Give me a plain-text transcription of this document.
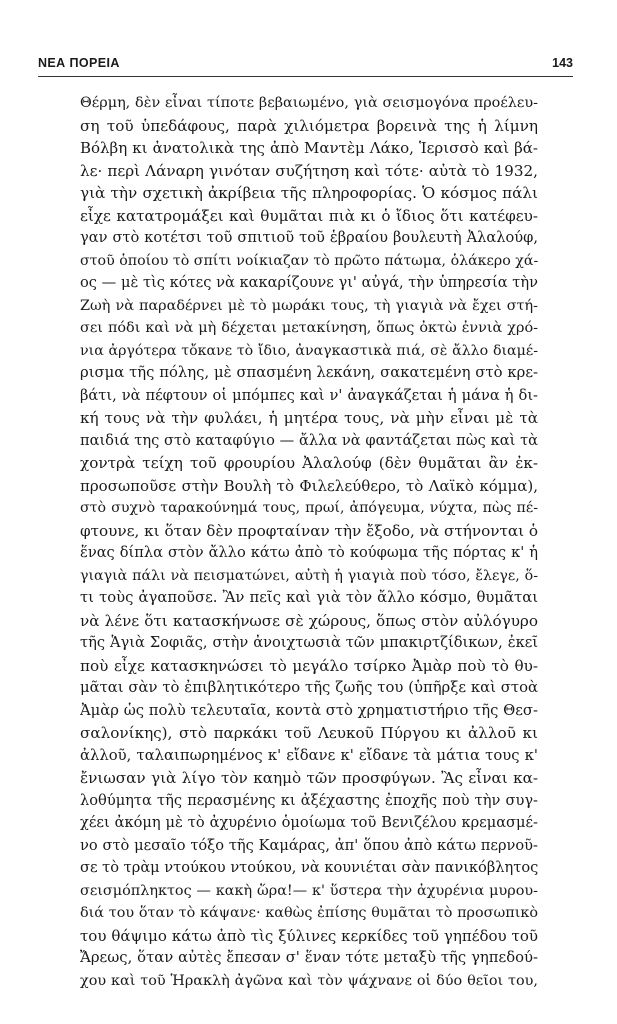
ΝΕΑ ΠΟΡΕΙΑ	143
Θέρμη, δὲν εἶναι τίποτε βεβαιωμένο, γιὰ σεισμογόνα προέλευ-
ση τοῦ ὑπεδάφους, παρὰ χιλιόμετρα βορεινὰ της ἡ λίμνη
Βόλβη κι ἀνατολικὰ της ἀπὸ Μαντὲμ Λάκο, Ἱερισσὸ καὶ βά-
λε· περὶ Λάναρη γινόταν συζήτηση καὶ τότε· αὐτὰ τὸ 1932,
γιὰ τὴν σχετικὴ ἀκρίβεια τῆς πληροφορίας. Ὁ κόσμος πάλι
εἶχε κατατρομάξει καὶ θυμᾶται πιὰ κι ὁ ἴδιος ὅτι κατέφευ-
γαν στὸ κοτέτσι τοῦ σπιτιοῦ τοῦ ἑβραίου βουλευτὴ Ἀλαλούφ,
στοῦ ὁποίου τὸ σπίτι νοίκιαζαν τὸ πρῶτο πάτωμα, ὁλάκερο χά-
ος — μὲ τὶς κότες νὰ κακαρίζουνε γι' αὐγά, τὴν ὑπηρεσία τὴν
Ζωὴ νὰ παραδέρνει μὲ τὸ μωράκι τους, τὴ γιαγιὰ νὰ ἔχει στή-
σει πόδι καὶ νὰ μὴ δέχεται μετακίνηση, ὅπως ὀκτὼ ἐννιὰ χρό-
νια ἀργότερα τὄκανε τὸ ἴδιο, ἀναγκαστικὰ πιά, σὲ ἄλλο διαμέ-
ρισμα τῆς πόλης, μὲ σπασμένη λεκάνη, σακατεμένη στὸ κρε-
βάτι, νὰ πέφτουν οἱ μπόμπες καὶ ν' ἀναγκάζεται ἡ μάνα ἡ δι-
κή τους νὰ τὴν φυλάει, ἡ μητέρα τους, νὰ μὴν εἶναι μὲ τὰ
παιδιά της στὸ καταφύγιο — ἄλλα νὰ φαντάζεται πὼς καὶ τὰ
χοντρὰ τείχη τοῦ φρουρίου Ἀλαλούφ (δὲν θυμᾶται ἂν ἐκ-
προσωποῦσε στὴν Βουλὴ τὸ Φιλελεύθερο, τὸ Λαϊκὸ κόμμα),
στὸ συχνὸ ταρακούνημά τους, πρωί, ἀπόγευμα, νύχτα, πὼς πέ-
φτουνε, κι ὅταν δὲν προφταίναν τὴν ἔξοδο, νὰ στήνονται ὁ
ἕνας δίπλα στὸν ἄλλο κάτω ἀπὸ τὸ κούφωμα τῆς πόρτας κ' ἡ
γιαγιὰ πάλι νὰ πεισματώνει, αὐτὴ ἡ γιαγιὰ ποὺ τόσο, ἔλεγε, ὅ-
τι τοὺς ἀγαποῦσε. Ἂν πεῖς καὶ γιὰ τὸν ἄλλο κόσμο, θυμᾶται
νὰ λένε ὅτι κατασκήνωσε σὲ χώρους, ὅπως στὸν αὐλόγυρο
τῆς Ἁγιὰ Σοφιᾶς, στὴν ἀνοιχτωσιὰ τῶν μπακιρτζίδικων, ἐκεῖ
ποὺ εἶχε κατασκηνώσει τὸ μεγάλο τσίρκο Ἀμὰρ ποὺ τὸ θυ-
μᾶται σὰν τὸ ἐπιβλητικότερο τῆς ζωῆς του (ὑπῆρξε καὶ στοὰ
Ἀμὰρ ὡς πολὺ τελευταῖα, κοντὰ στὸ χρηματιστήριο τῆς Θεσ-
σαλονίκης), στὸ παρκάκι τοῦ Λευκοῦ Πύργου κι ἀλλοῦ κι
ἀλλοῦ, ταλαιπωρημένος κ' εἴδανε κ' εἴδανε τὰ μάτια τους κ'
ἔνιωσαν γιὰ λίγο τὸν καημὸ τῶν προσφύγων. Ἂς εἶναι κα-
λοθύμητα τῆς περασμένης κι ἀξέχαστης ἐποχῆς ποὺ τὴν συγ-
χέει ἀκόμη μὲ τὸ ἀχυρένιο ὁμοίωμα τοῦ Βενιζέλου κρεμασμέ-
νο στὸ μεσαῖο τόξο τῆς Καμάρας, ἀπ' ὅπου ἀπὸ κάτω περνοῦ-
σε τὸ τρὰμ ντούκου ντούκου, νὰ κουνιέται σὰν πανικόβλητος
σεισμόπληκτος — κακὴ ὥρα!— κ' ὕστερα τὴν ἀχυρένια μυρου-
διά του ὅταν τὸ κάψανε· καθὼς ἐπίσης θυμᾶται τὸ προσωπικὸ
του θάψιμο κάτω ἀπὸ τὶς ξύλινες κερκίδες τοῦ γηπέδου τοῦ
Ἄρεως, ὅταν αὐτὲς ἔπεσαν σ' ἕναν τότε μεταξὺ τῆς γηπεδού-
χου καὶ τοῦ Ἡρακλὴ ἀγῶνα καὶ τὸν ψάχνανε οἱ δύο θεῖοι του,
